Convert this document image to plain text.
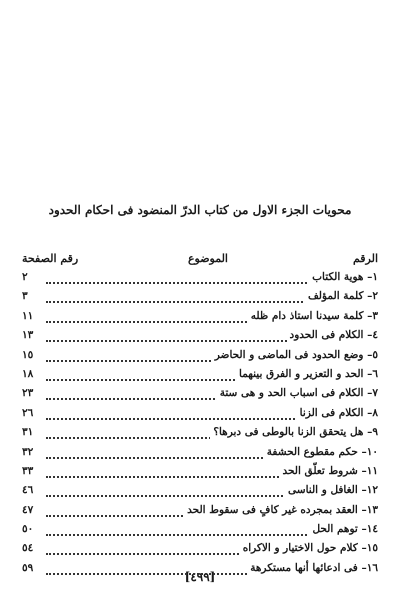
محويات الجزء الاول من كتاب الدرّ المنضود فى احكام الحدود
الرقم
الموضوع
رقم الصفحة
١– هوية الكتاب
٢
٢– كلمة المؤلف
٣
٣– كلمة سيدنا استاذ دام ظله
١١
٤– الكلام فى الحدود
١٣
٥– وضع الحدود فى الماضى و الحاضر
١٥
٦– الحد و التعزير و الفرق بينهما
١٨
٧– الكلام فى اسباب الحد و هى ستة
٢٣
٨– الكلام فى الزنا
٢٦
٩– هل يتحقق الزنا بالوطى فى دبرها؟
٣١
١٠– حكم مقطوع الحشفة
٣٢
١١– شروط تعلّق الحد
٣٣
١٢– الغافل و الناسى
٤٦
١٣– العقد بمجرده غير كافٍ فى سقوط الحد
٤٧
١٤– توهم الحل
٥٠
١٥– كلام حول الاختيار و الاكراه
٥٤
١٦– فى ادعائها أنها مستكرهة
٥٩
[٤٩٩]
